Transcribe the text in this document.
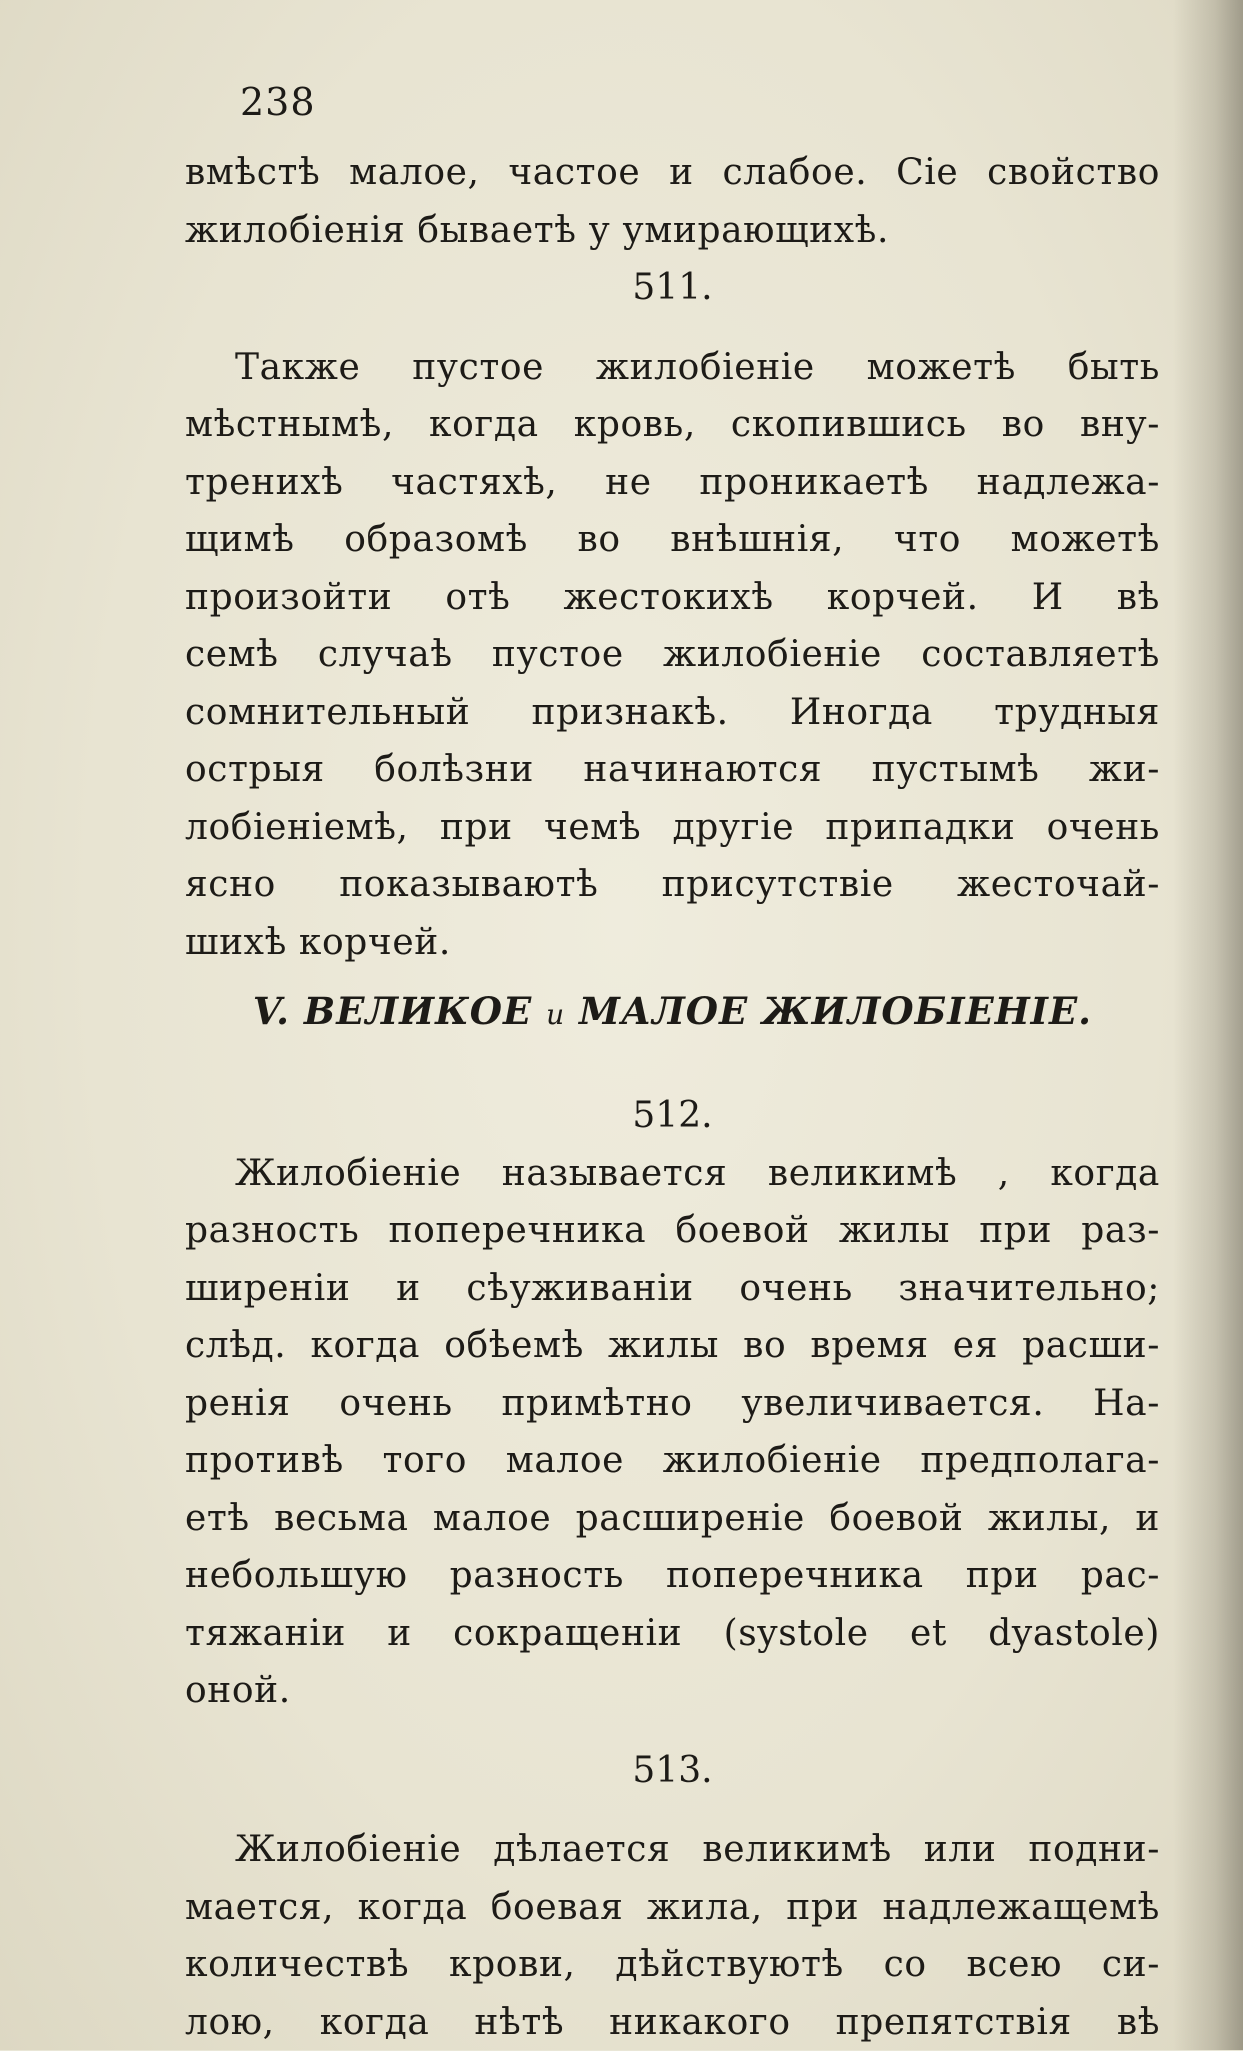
238
вмѣстѣ малое, частое и слабое. Сіе свойство
жилобіенія бываетѣ у умирающихѣ.
511.
Также пустое жилобіеніе можетѣ быть
мѣстнымѣ, когда кровь, скопившись во вну-
тренихѣ частяхѣ, не проникаетѣ надлежа-
щимѣ образомѣ во внѣшнія, что можетѣ
произойти отѣ жестокихѣ корчей. И вѣ
семѣ случаѣ пустое жилобіеніе составляетѣ
сомнительный признакѣ. Иногда трудныя
острыя болѣзни начинаются пустымѣ жи-
лобіеніемѣ, при чемѣ другіе припадки очень
ясно показываютѣ присутствіе жесточай-
шихѣ корчей.
V. ВЕЛИКОЕ и МАЛОЕ ЖИЛОБІЕНІЕ.
512.
Жилобіеніе называется великимѣ , когда
разность поперечника боевой жилы при раз-
ширеніи и сѣуживаніи очень значительно;
слѣд. когда обѣемѣ жилы во время ея расши-
ренія очень примѣтно увеличивается. На-
противѣ того малое жилобіеніе предполага-
етѣ весьма малое расширеніе боевой жилы, и
небольшую разность поперечника при рас-
тяжаніи и сокращеніи (systole et dyastole)
оной.
513.
Жилобіеніе дѣлается великимѣ или подни-
мается, когда боевая жила, при надлежащемѣ
количествѣ крови, дѣйствуютѣ со всею си-
лою, когда нѣтѣ никакого препятствія вѣ
